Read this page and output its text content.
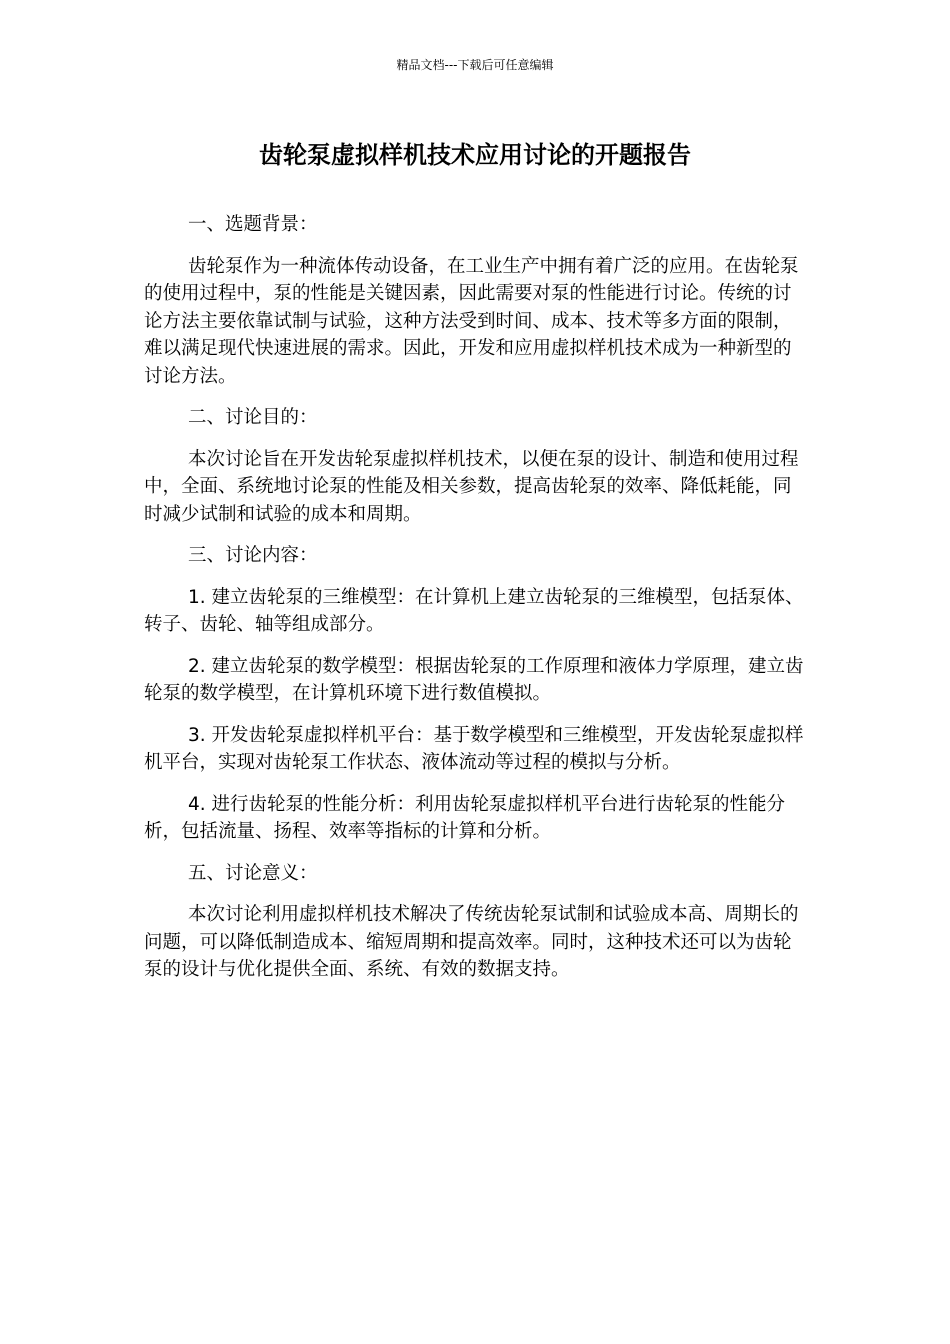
精品文档---下载后可任意编辑
齿轮泵虚拟样机技术应用讨论的开题报告

一、选题背景：

齿轮泵作为一种流体传动设备，在工业生产中拥有着广泛的应用。在齿轮泵的使用过程中，泵的性能是关键因素，因此需要对泵的性能进行讨论。传统的讨论方法主要依靠试制与试验，这种方法受到时间、成本、技术等多方面的限制，难以满足现代快速进展的需求。因此，开发和应用虚拟样机技术成为一种新型的讨论方法。

二、讨论目的：

本次讨论旨在开发齿轮泵虚拟样机技术，以便在泵的设计、制造和使用过程中，全面、系统地讨论泵的性能及相关参数，提高齿轮泵的效率、降低耗能，同时减少试制和试验的成本和周期。

三、讨论内容：

1. 建立齿轮泵的三维模型：在计算机上建立齿轮泵的三维模型，包括泵体、转子、齿轮、轴等组成部分。

2. 建立齿轮泵的数学模型：根据齿轮泵的工作原理和液体力学原理，建立齿轮泵的数学模型，在计算机环境下进行数值模拟。

3. 开发齿轮泵虚拟样机平台：基于数学模型和三维模型，开发齿轮泵虚拟样机平台，实现对齿轮泵工作状态、液体流动等过程的模拟与分析。

4. 进行齿轮泵的性能分析：利用齿轮泵虚拟样机平台进行齿轮泵的性能分析，包括流量、扬程、效率等指标的计算和分析。

五、讨论意义：

本次讨论利用虚拟样机技术解决了传统齿轮泵试制和试验成本高、周期长的问题，可以降低制造成本、缩短周期和提高效率。同时，这种技术还可以为齿轮泵的设计与优化提供全面、系统、有效的数据支持。
